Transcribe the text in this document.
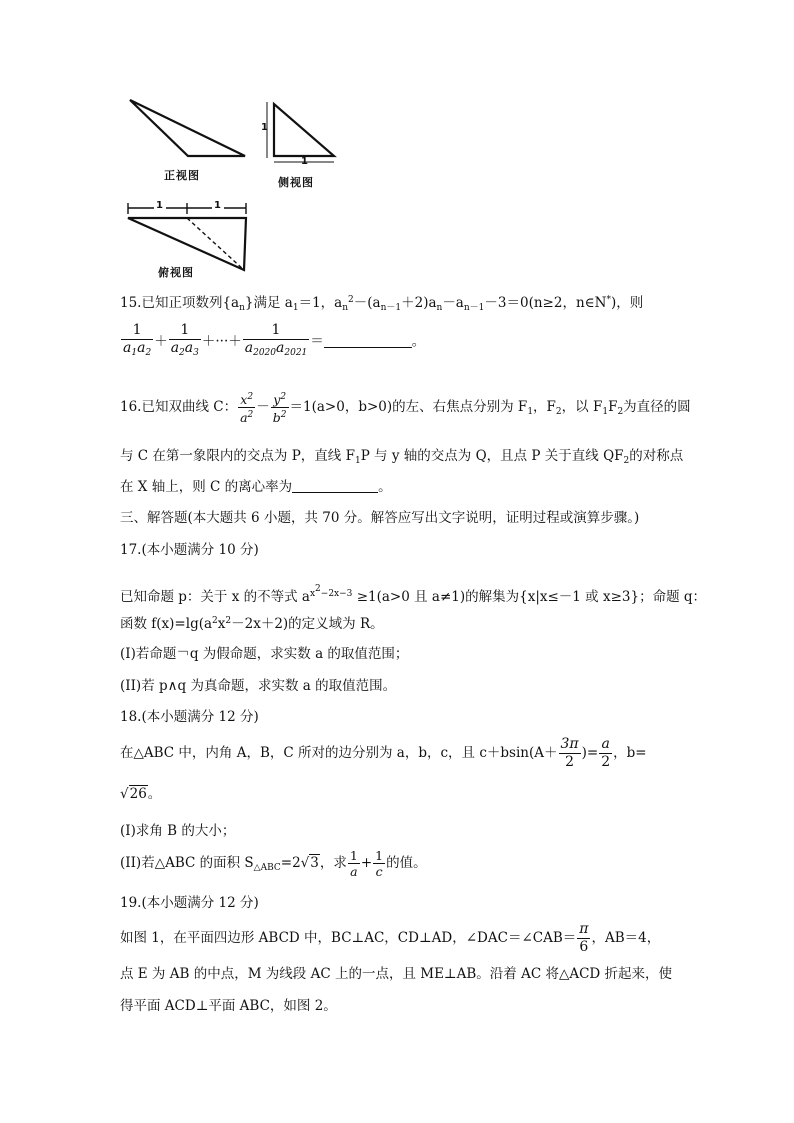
正视图
侧视图
俯视图
1
1
1	1
15.已知正项数列$\{a_n\}$满足 $a_1=1$，$a_n^2-(a_{n-1}+2)a_n-a_{n-1}-3=0(n\ge 2$，n∈N*)，则
$\frac{1}{a_1a_2} + \frac{1}{a_2a_3}$ ＋···＋ $\frac{1}{a_{2020}a_{2021}}$ ＝	。
16.已知双曲线 C： $\frac{x^2}{a^2} - \frac{y^2}{b^2} =1(a>0$，b>0)的左、右焦点分别为 $F_1$，$F_2$，以 $F_1F_2$为直径的圆
与 C 在第一象限内的交点为 P，直线 $F_1P$ 与 y 轴的交点为 Q，且点 P 关于直线 $QF_2$的对称点
在 X 轴上，则 C 的离心率为	。
三、解答题(本大题共 6 小题，共 70 分。解答应写出文字说明，证明过程或演算步骤。)
17.(本小题满分 10 分)
已知命题 p：关于 x 的不等式 $a^{x^2-2x-3} \ge 1(a>0$ 且 a≠1)的解集为{x|x≤－1 或 x≥3}；命题 q：
函数 $f(x)=\lg(a^2x^2-2x+2)$的定义域为 R。
(I)若命题￢q 为假命题，求实数 a 的取值范围；
(II)若 p∧q 为真命题，求实数 a 的取值范围。
18.(本小题满分 12 分)
在△ABC 中，内角 A，B，C 所对的边分别为 a，b，c，且 $c+bsin(A+ \frac{3\pi}{2}$ )= $\frac{a}{2}$ ，b=
√26。
(I)求角 B 的大小；
(II)若△ABC 的面积 $S_{\triangle ABC}=2√3$，求 $\frac{1}{a} + \frac{1}{c}$ 的值。
19.(本小题满分 12 分)
如图 1，在平面四边形 ABCD 中，BC⊥AC，CD⊥AD，∠DAC＝∠CAB＝ $\frac{\pi}{6}$ ，AB＝4，
点 E 为 AB 的中点，M 为线段 AC 上的一点，且 ME⊥AB。沿着 AC 将△ACD 折起来，使
得平面 ACD⊥平面 ABC，如图 2。
